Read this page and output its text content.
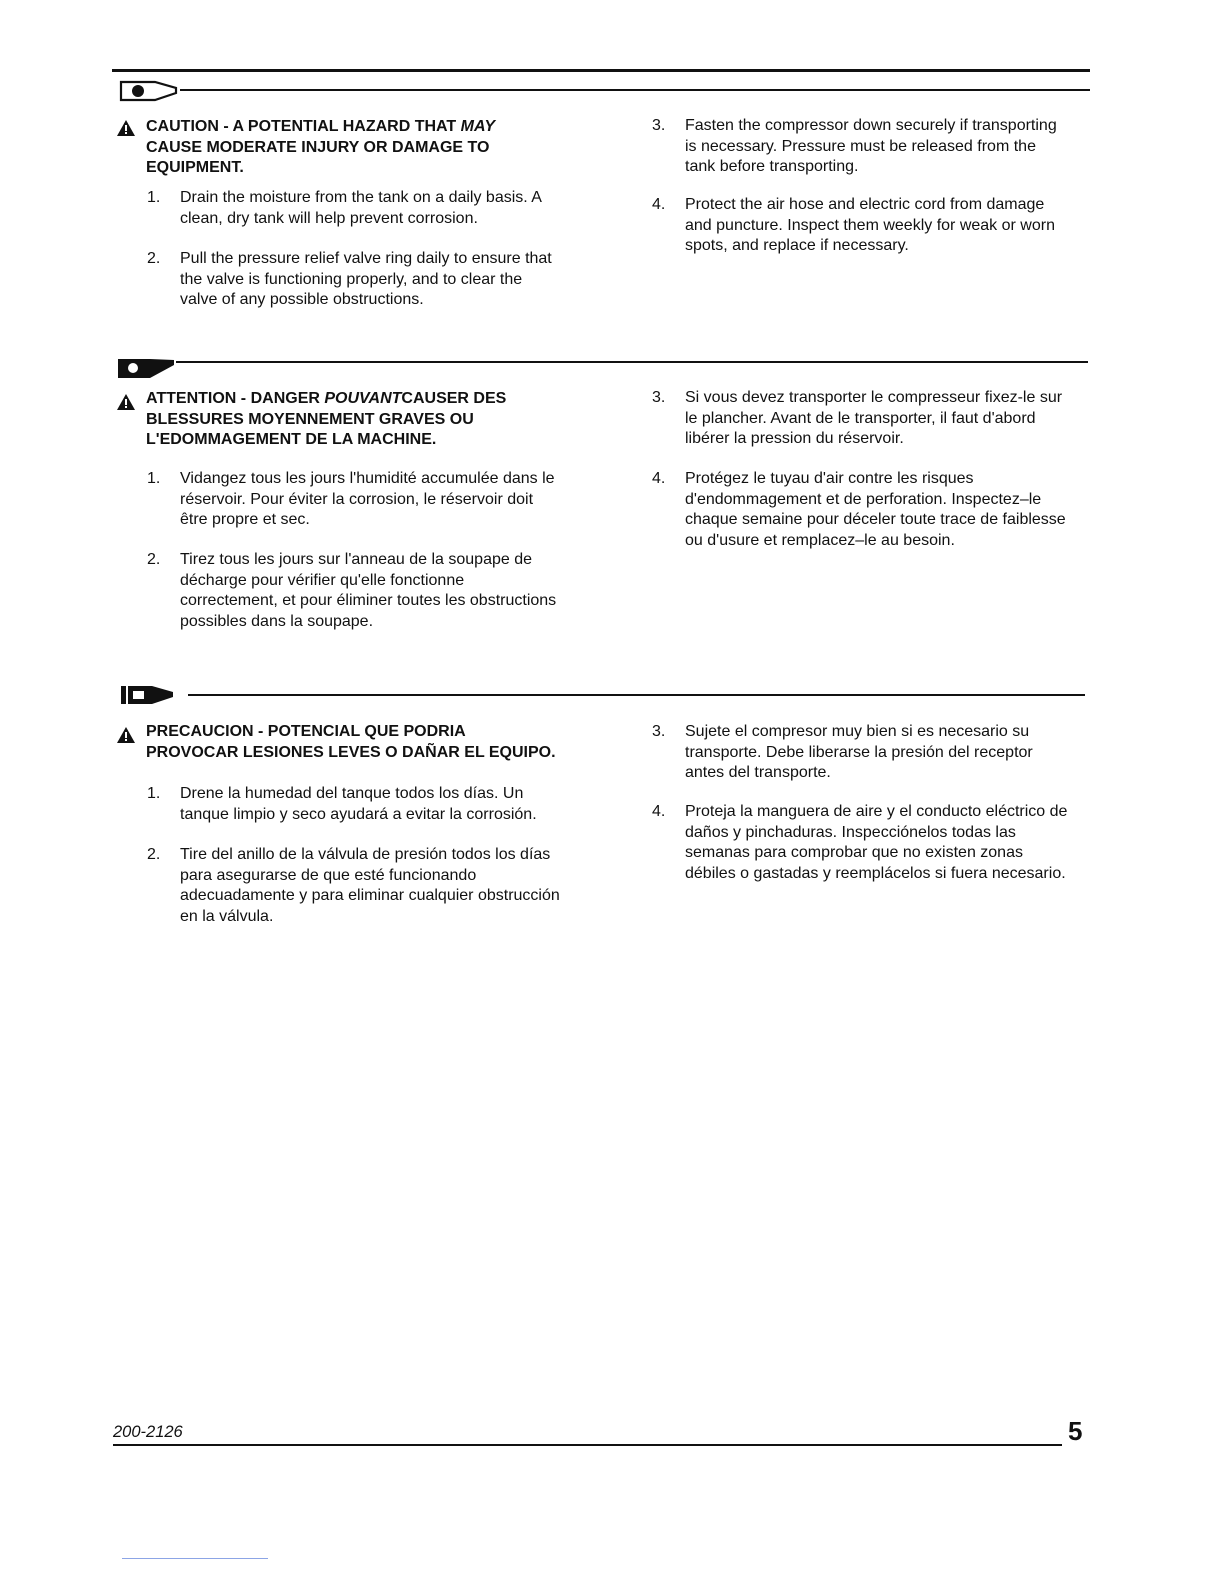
CAUTION - A POTENTIAL HAZARD THAT MAY
CAUSE MODERATE INJURY OR DAMAGE TO
EQUIPMENT.
1. Drain the moisture from the tank on a daily basis. A
clean, dry tank will help prevent corrosion.
2. Pull the pressure relief valve ring daily to ensure that
the valve is functioning properly, and to clear the
valve of any possible obstructions.
3. Fasten the compressor down securely if transporting
is necessary. Pressure must be released from the
tank before transporting.
4. Protect the air hose and electric cord from damage
and puncture. Inspect them weekly for weak or worn
spots, and replace if necessary.
ATTENTION - DANGER POUVANTCAUSER DES
BLESSURES MOYENNEMENT GRAVES OU
L'EDOMMAGEMENT DE LA MACHINE.
1. Vidangez tous les jours l'humidité accumulée dans le
réservoir. Pour éviter la corrosion, le réservoir doit
être propre et sec.
2. Tirez tous les jours sur l'anneau de la soupape de
décharge pour vérifier qu'elle fonctionne
correctement, et pour éliminer toutes les obstructions
possibles dans la soupape.
3. Si vous devez transporter le compresseur fixez-le sur
le plancher. Avant de le transporter, il faut d'abord
libérer la pression du réservoir.
4. Protégez le tuyau d'air contre les risques
d'endommagement et de perforation. Inspectez–le
chaque semaine pour déceler toute trace de faiblesse
ou d'usure et remplacez–le au besoin.
PRECAUCION - POTENCIAL QUE PODRIA
PROVOCAR LESIONES LEVES O DAÑAR EL EQUIPO.
1. Drene la humedad del tanque todos los días. Un
tanque limpio y seco ayudará a evitar la corrosión.
2. Tire del anillo de la válvula de presión todos los días
para asegurarse de que esté funcionando
adecuadamente y para eliminar cualquier obstrucción
en la válvula.
3. Sujete el compresor muy bien si es necesario su
transporte. Debe liberarse la presión del receptor
antes del transporte.
4. Proteja la manguera de aire y el conducto eléctrico de
daños y pinchaduras. Inspecciónelos todas las
semanas para comprobar que no existen zonas
débiles o gastadas y reemplácelos si fuera necesario.
200-2126	5
